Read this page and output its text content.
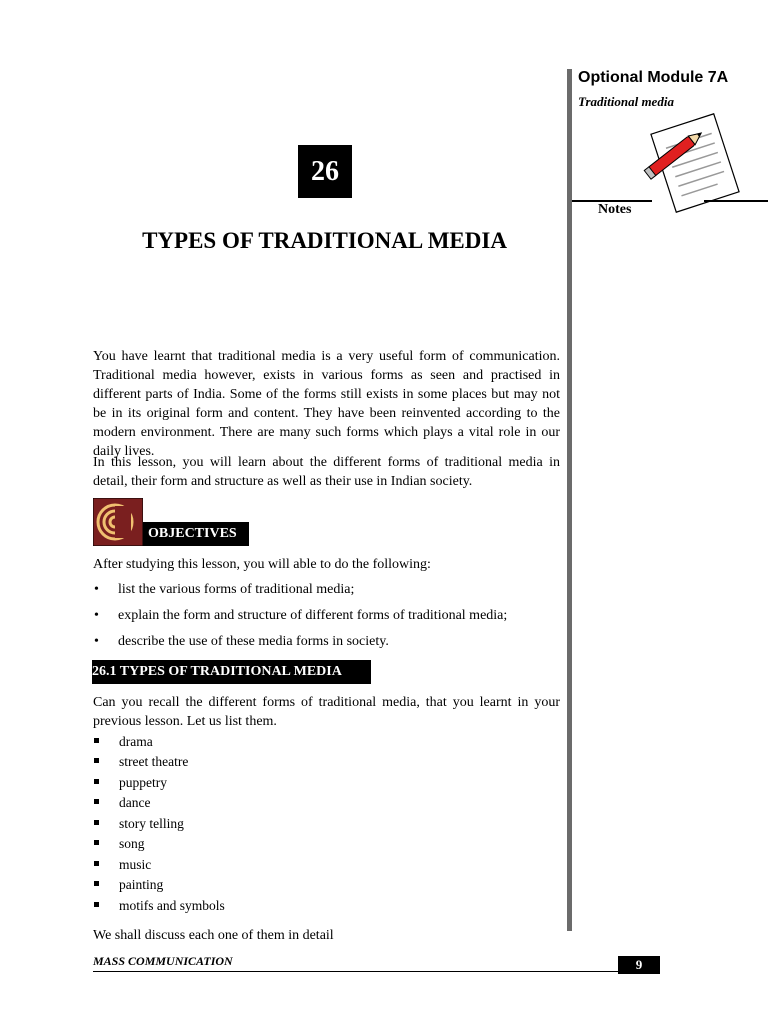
Optional Module 7A
Traditional media
Notes
26
TYPES OF TRADITIONAL MEDIA
You have learnt that traditional media is a very useful form of communication. Traditional media however, exists in various forms as seen and practised in different parts of India. Some of the forms still exists in some places but may not be in its original form and content. They have been reinvented according to the modern environment. There are many such forms which plays a vital role in our daily lives.
In this lesson, you will learn about the different forms of traditional media in detail, their form and structure as well as their use in Indian society.
OBJECTIVES
After studying this lesson, you will able to do the following:
• list the various forms of traditional media;
• explain the form and structure of different forms of traditional media;
• describe the use of these media forms in society.
26.1 TYPES OF TRADITIONAL MEDIA
Can you recall the different forms of traditional media, that you learnt in your previous lesson. Let us list them.
drama
street theatre
puppetry
dance
story telling
song
music
painting
motifs and symbols
We shall discuss each one of them in detail
MASS COMMUNICATION	9
